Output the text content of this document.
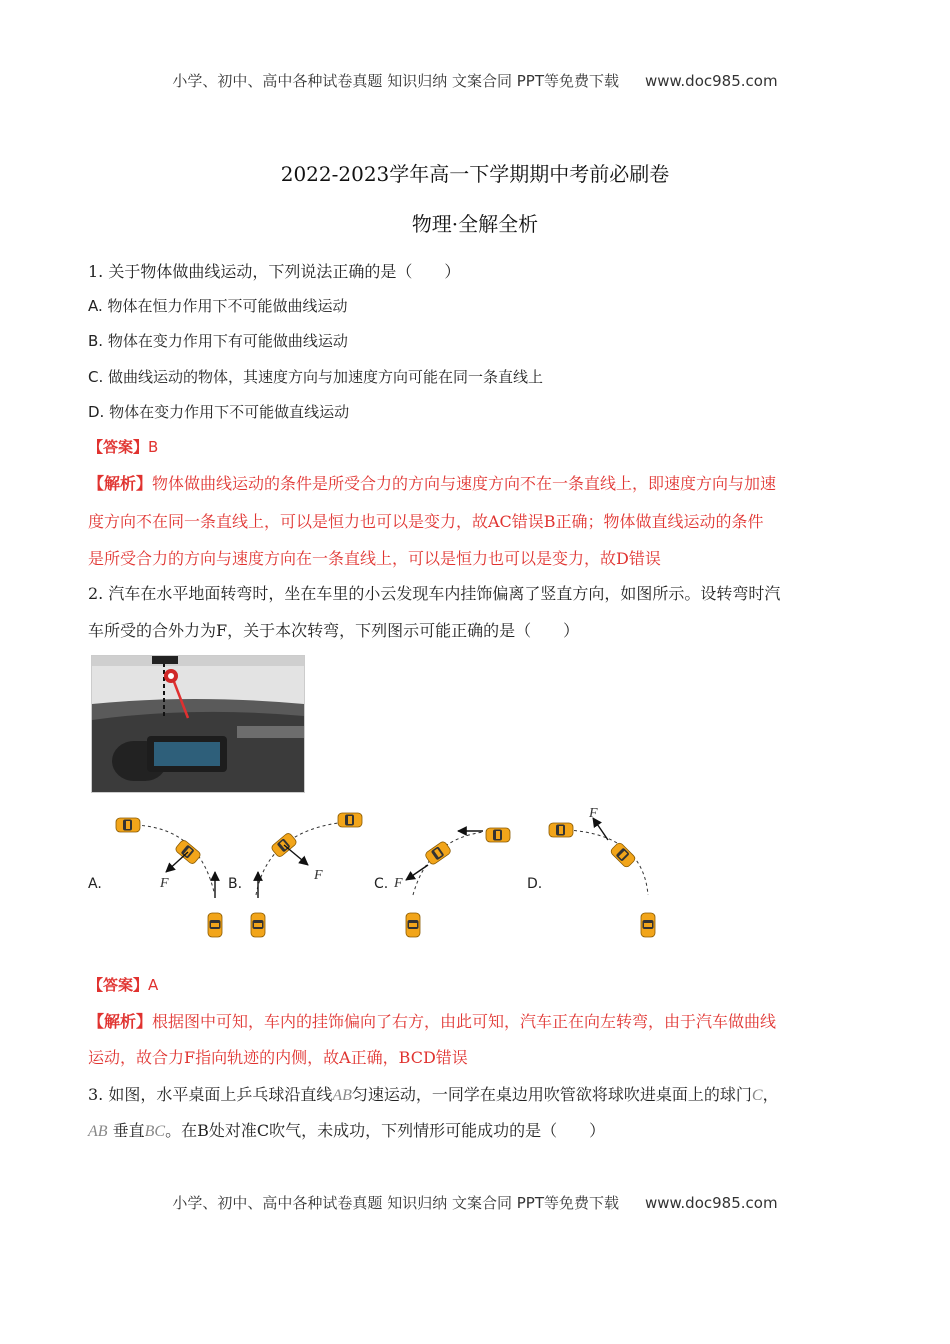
小学、初中、高中各种试卷真题 知识归纳 文案合同 PPT等免费下载 www.doc985.com
2022-2023学年高一下学期期中考前必刷卷
物理·全解全析
1. 关于物体做曲线运动，下列说法正确的是（　　）
A. 物体在恒力作用下不可能做曲线运动
B. 物体在变力作用下有可能做曲线运动
C. 做曲线运动的物体，其速度方向与加速度方向可能在同一条直线上
D. 物体在变力作用下不可能做直线运动
【答案】B
【解析】物体做曲线运动的条件是所受合力的方向与速度方向不在一条直线上，即速度方向与加速
度方向不在同一条直线上，可以是恒力也可以是变力，故AC错误B正确；物体做直线运动的条件
是所受合力的方向与速度方向在一条直线上，可以是恒力也可以是变力，故D错误
2. 汽车在水平地面转弯时，坐在车里的小云发现车内挂饰偏离了竖直方向，如图所示。设转弯时汽
车所受的合外力为F，关于本次转弯，下列图示可能正确的是（　　）
F
F
F
F
A.	B.	C.	D.
【答案】A
【解析】根据图中可知，车内的挂饰偏向了右方，由此可知，汽车正在向左转弯，由于汽车做曲线
运动，故合力F指向轨迹的内侧，故A正确，BCD错误
3. 如图，水平桌面上乒乓球沿直线AB匀速运动，一同学在桌边用吹管欲将球吹进桌面上的球门C，
AB 垂直BC。在B处对准C吹气，未成功，下列情形可能成功的是（　　）
小学、初中、高中各种试卷真题 知识归纳 文案合同 PPT等免费下载 www.doc985.com
